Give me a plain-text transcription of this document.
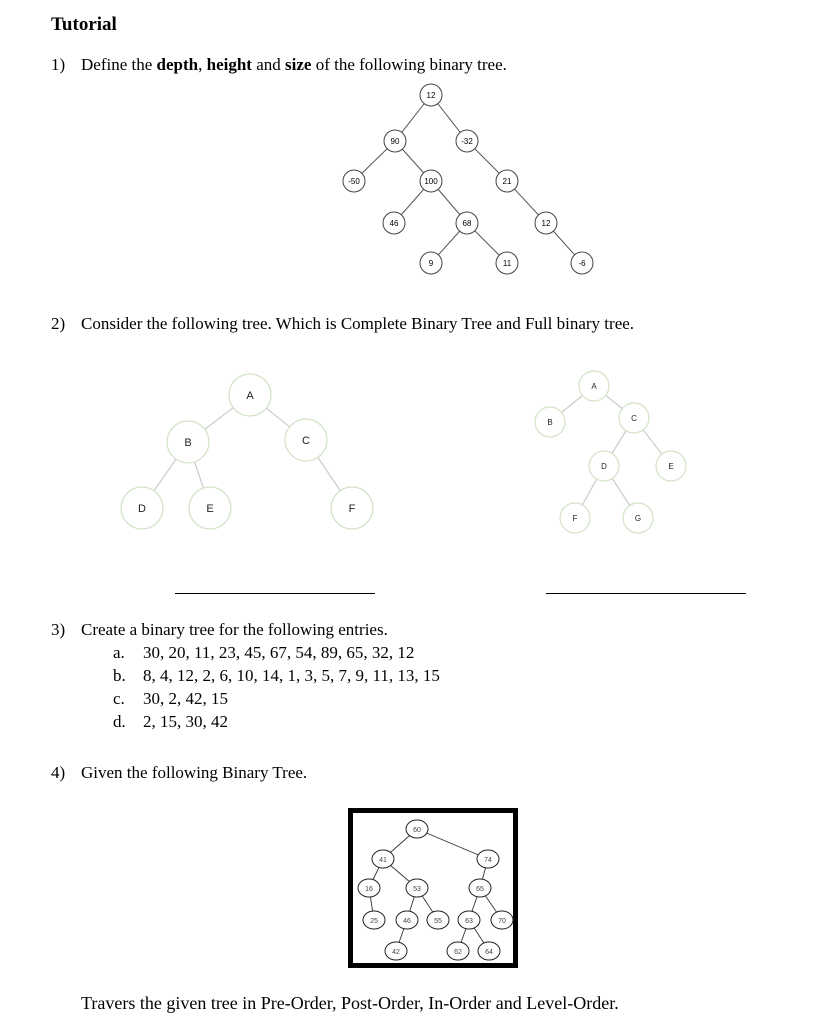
Tutorial
1) Define the depth, height and size of the following binary tree.
12
90	-32
-50	100	21
46	68	12
9	11	-6
2) Consider the following tree. Which is Complete Binary Tree and Full binary tree.
A
B	C
D	E	F
A
B	C
D	E
F	G
3) Create a binary tree for the following entries.
a. 30, 20, 11, 23, 45, 67, 54, 89, 65, 32, 12
b. 8, 4, 12, 2, 6, 10, 14, 1, 3, 5, 7, 9, 11, 13, 15
c. 30, 2, 42, 15
d. 2, 15, 30, 42
4) Given the following Binary Tree.
60
41	74
16	53	65
25	46	55	63	70
42	62	64
Travers the given tree in Pre-Order, Post-Order, In-Order and Level-Order.
